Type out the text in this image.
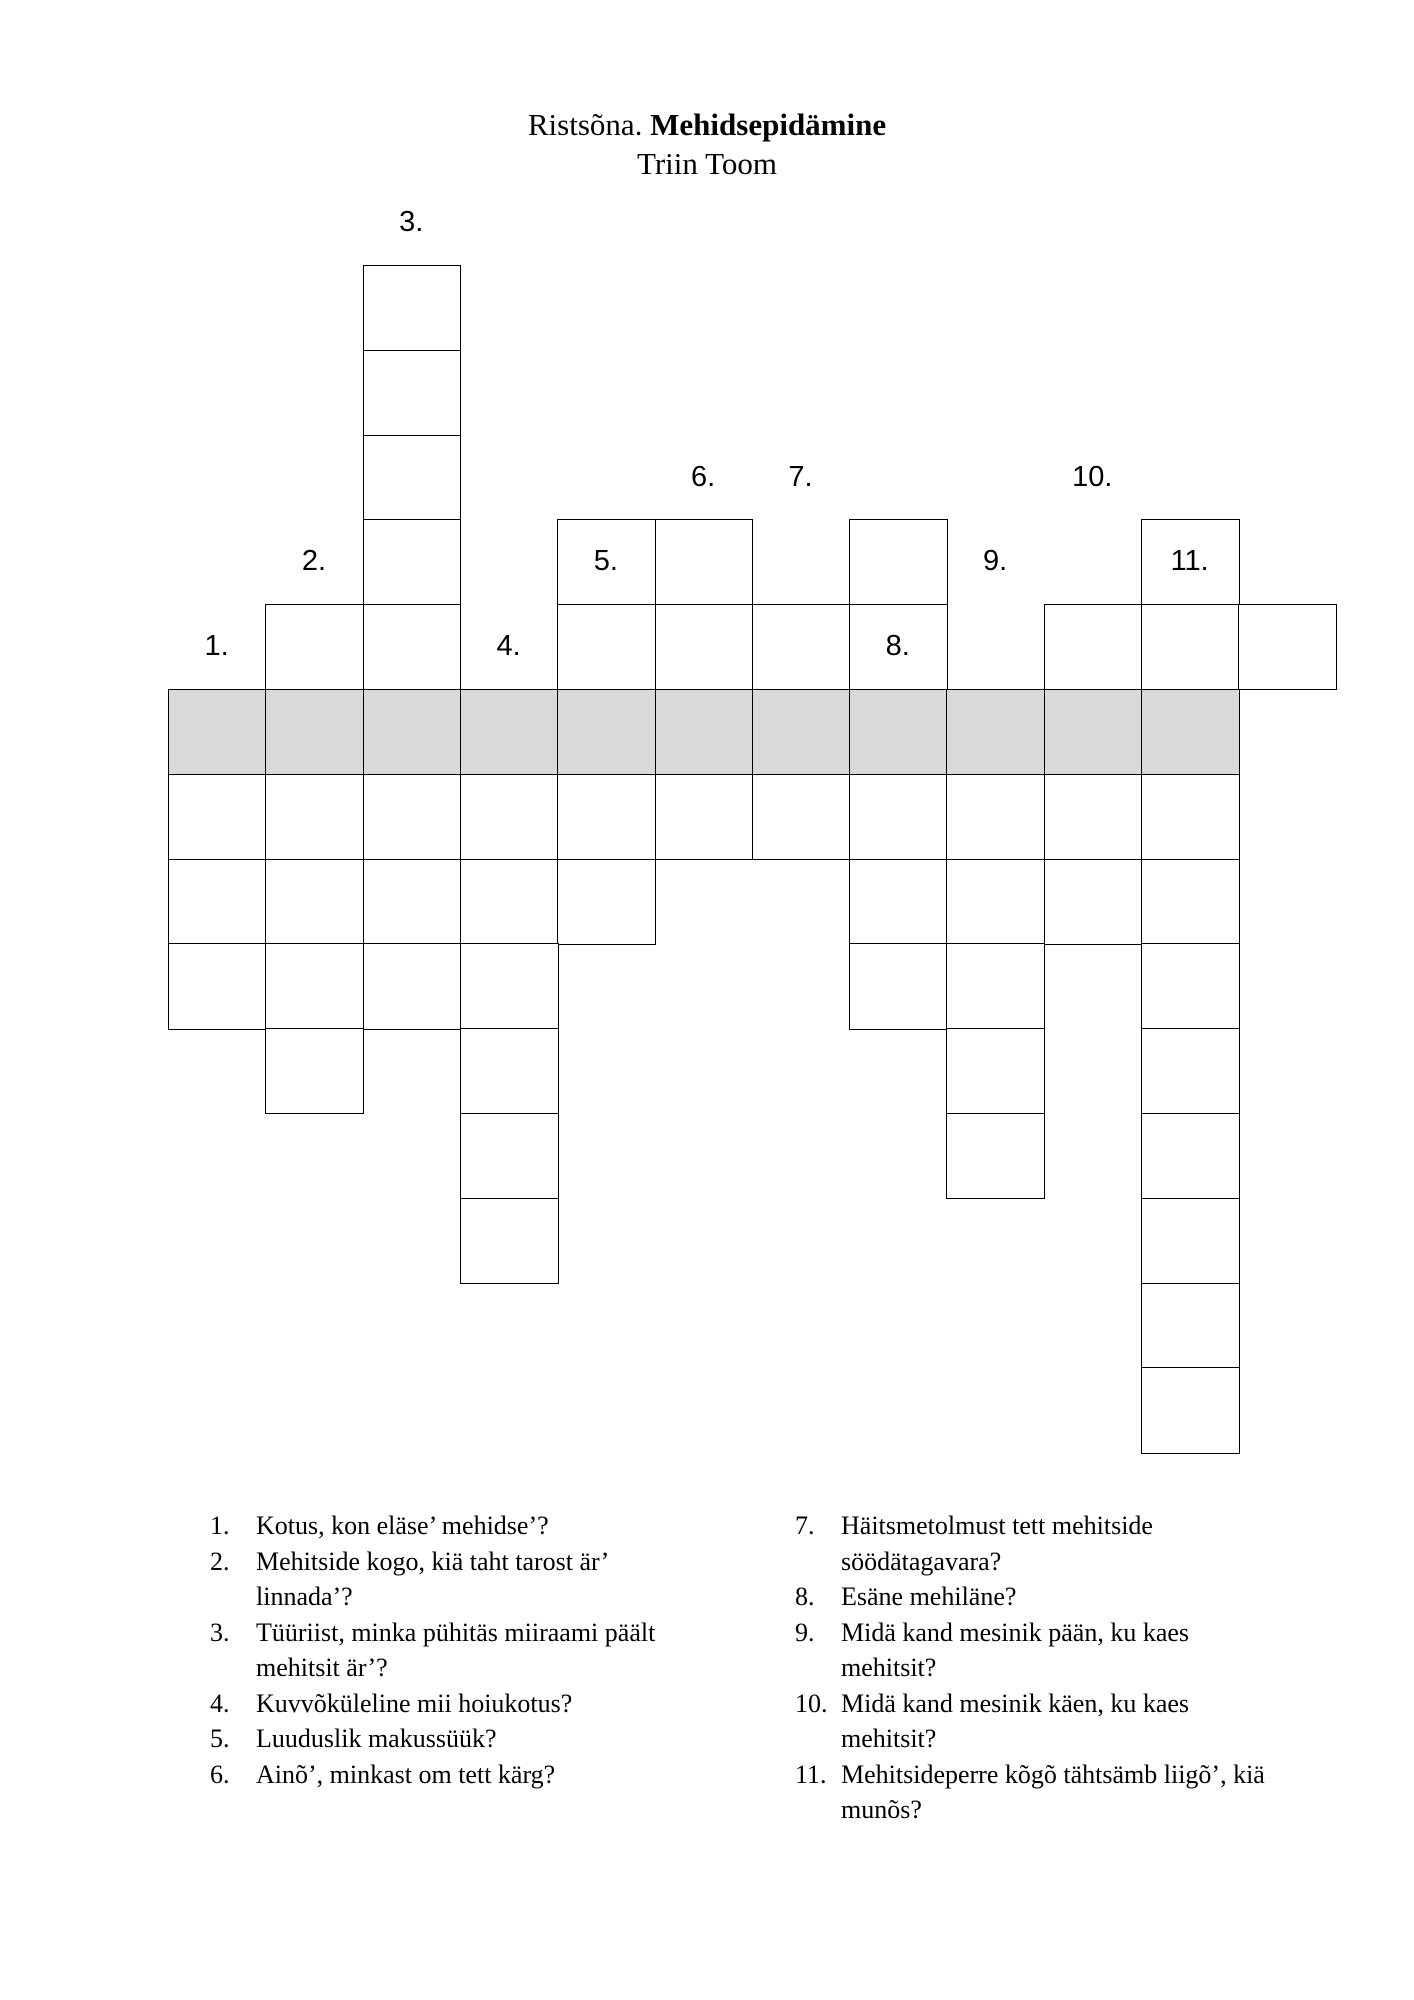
Ristsõna. Mehidsepidämine
Triin Toom
3.
6.	7.	10.
2.	5.	9.	11.
1.	4.	8.
1.	Kotus, kon eläse’ mehidse’?
2.	Mehitside kogo, kiä taht tarost är’ linnada’?
3.	Tüüriist, minka pühitäs miiraami päält mehitsit är’?
4.	Kuvvõküleline mii hoiukotus?
5.	Luuduslik makussüük?
6.	Ainõ’, minkast om tett kärg?
7.	Häitsmetolmust tett mehitside söödätagavara?
8.	Esäne mehiläne?
9.	Midä kand mesinik pään, ku kaes mehitsit?
10. Midä kand mesinik käen, ku kaes mehitsit?
11. Mehitsideperre kõgõ tähtsämb liigõ’, kiä munõs?
